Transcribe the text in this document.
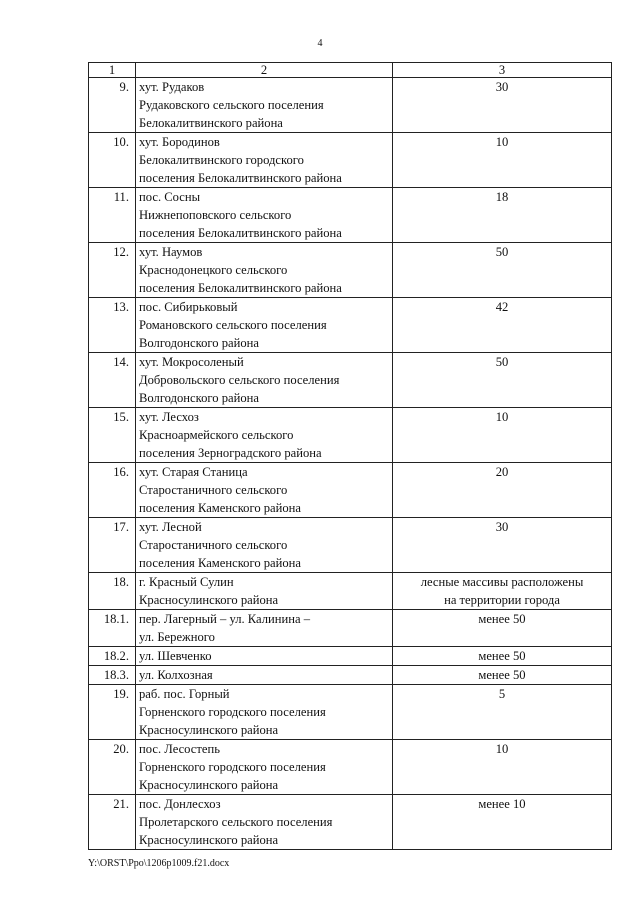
4
1	2	3
9.	хут. Рудаков
Рудаковского сельского поселения
Белокалитвинского района	30

10.	хут. Бородинов
Белокалитвинского городского
поселения Белокалитвинского района	10

11.	пос. Сосны
Нижнепоповского сельского
поселения Белокалитвинского района	18

12.	хут. Наумов
Краснодонецкого сельского
поселения Белокалитвинского района	50

13.	пос. Сибирьковый
Романовского сельского поселения
Волгодонского района	42

14.	хут. Мокросоленый
Добровольского сельского поселения
Волгодонского района	50

15.	хут. Лесхоз
Красноармейского сельского
поселения Зерноградского района	10

16.	хут. Старая Станица
Старостаничного сельского
поселения Каменского района	20

17.	хут. Лесной
Старостаничного сельского
поселения Каменского района	30

18.	г. Красный Сулин
Красносулинского района	лесные массивы расположены
на территории города

18.1.	пер. Лагерный – ул. Калинина –
ул. Бережного	менее 50

18.2.	ул. Шевченко	менее 50

18.3.	ул. Колхозная	менее 50

19.	раб. пос. Горный
Горненского городского поселения
Красносулинского района	5

20.	пос. Лесостепь
Горненского городского поселения
Красносулинского района	10

21.	пос. Донлесхоз
Пролетарского сельского поселения
Красносулинского района	менее 10
Y:\ORST\Ppo\1206p1009.f21.docx
